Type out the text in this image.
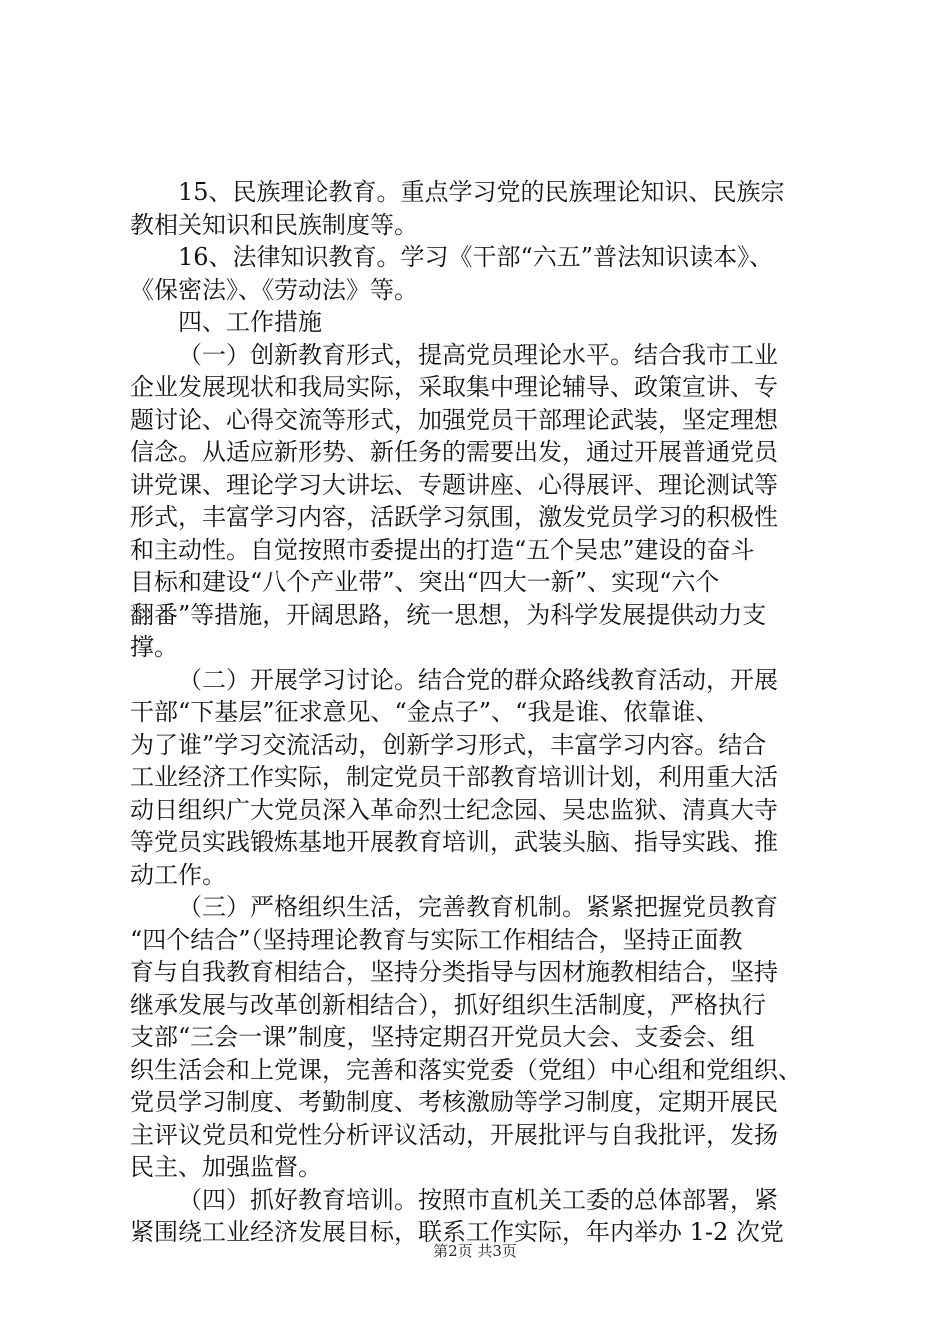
15、民族理论教育。重点学习党的民族理论知识、民族宗
教相关知识和民族制度等。
16、法律知识教育。学习《干部“六五”普法知识读本》、
《保密法》、《劳动法》等。
四、工作措施
（一）创新教育形式，提高党员理论水平。结合我市工业
企业发展现状和我局实际，采取集中理论辅导、政策宣讲、专
题讨论、心得交流等形式，加强党员干部理论武装，坚定理想
信念。从适应新形势、新任务的需要出发，通过开展普通党员
讲党课、理论学习大讲坛、专题讲座、心得展评、理论测试等
形式，丰富学习内容，活跃学习氛围，激发党员学习的积极性
和主动性。自觉按照市委提出的打造“五个吴忠”建设的奋斗
目标和建设“八个产业带”、突出“四大一新”、实现“六个
翻番”等措施，开阔思路，统一思想，为科学发展提供动力支
撑。
（二）开展学习讨论。结合党的群众路线教育活动，开展
干部“下基层”征求意见、“金点子”、“我是谁、依靠谁、
为了谁”学习交流活动，创新学习形式，丰富学习内容。结合
工业经济工作实际，制定党员干部教育培训计划，利用重大活
动日组织广大党员深入革命烈士纪念园、吴忠监狱、清真大寺
等党员实践锻炼基地开展教育培训，武装头脑、指导实践、推
动工作。
（三）严格组织生活，完善教育机制。紧紧把握党员教育
“四个结合”（坚持理论教育与实际工作相结合，坚持正面教
育与自我教育相结合，坚持分类指导与因材施教相结合，坚持
继承发展与改革创新相结合），抓好组织生活制度，严格执行
支部“三会一课”制度，坚持定期召开党员大会、支委会、组
织生活会和上党课，完善和落实党委（党组）中心组和党组织、
党员学习制度、考勤制度、考核激励等学习制度，定期开展民
主评议党员和党性分析评议活动，开展批评与自我批评，发扬
民主、加强监督。
（四）抓好教育培训。按照市直机关工委的总体部署，紧
紧围绕工业经济发展目标，联系工作实际，年内举办 1-2 次党
第2页 共3页
